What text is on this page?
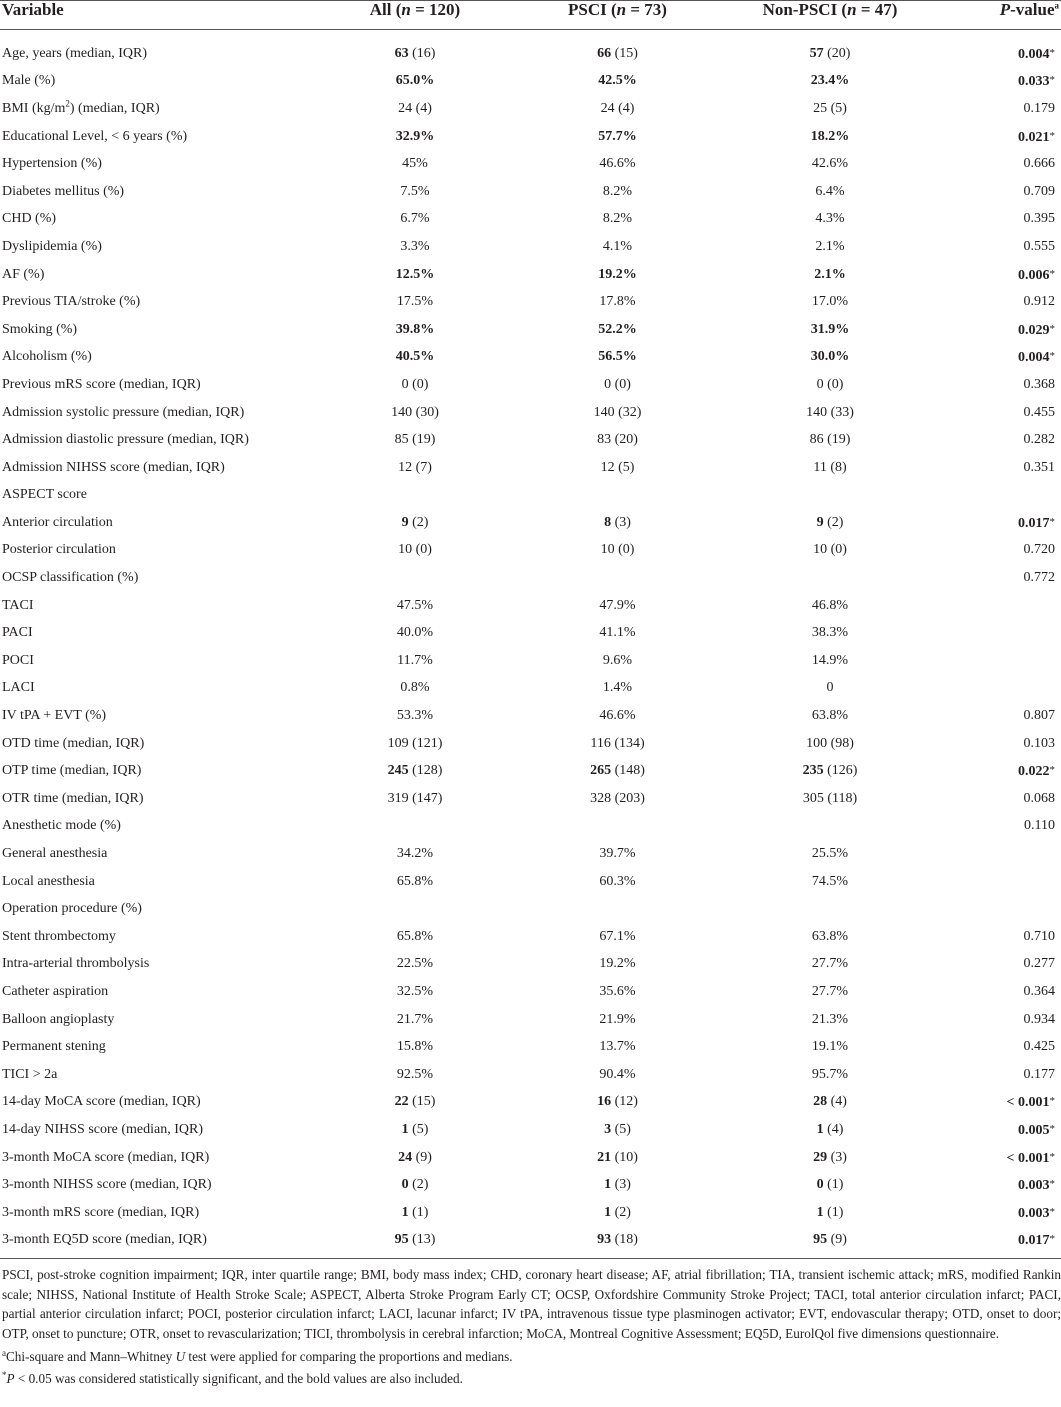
Variable	All (n = 120)	PSCI (n = 73)	Non-PSCI (n = 47)	P-value$^a$
Age, years (median, IQR)	63 (16)	66 (15)	57 (20)	0.004*
Male (%)	65.0%	42.5%	23.4%	0.033*
BMI $(kg/m^2)$ (median, IQR)	24 (4)	24 (4)	25 (5)	0.179
Educational Level, < 6 years (%)	32.9%	57.7%	18.2%	0.021*
Hypertension (%)	45%	46.6%	42.6%	0.666
Diabetes mellitus (%)	7.5%	8.2%	6.4%	0.709
CHD (%)	6.7%	8.2%	4.3%	0.395
Dyslipidemia (%)	3.3%	4.1%	2.1%	0.555
AF (%)	12.5%	19.2%	2.1%	0.006*
Previous TIA/stroke (%)	17.5%	17.8%	17.0%	0.912
Smoking (%)	39.8%	52.2%	31.9%	0.029*
Alcoholism (%)	40.5%	56.5%	30.0%	0.004*
Previous mRS score (median, IQR)	0 (0)	0 (0)	0 (0)	0.368
Admission systolic pressure (median, IQR)	140 (30)	140 (32)	140 (33)	0.455
Admission diastolic pressure (median, IQR)	85 (19)	83 (20)	86 (19)	0.282
Admission NIHSS score (median, IQR)	12 (7)	12 (5)	11 (8)	0.351
ASPECT score				
Anterior circulation	9 (2)	8 (3)	9 (2)	0.017*
Posterior circulation	10 (0)	10 (0)	10 (0)	0.720
OCSP classification (%)				0.772
TACI	47.5%	47.9%	46.8%	
PACI	40.0%	41.1%	38.3%	
POCI	11.7%	9.6%	14.9%	
LACI	0.8%	1.4%	0	
IV tPA + EVT (%)	53.3%	46.6%	63.8%	0.807
OTD time (median, IQR)	109 (121)	116 (134)	100 (98)	0.103
OTP time (median, IQR)	245 (128)	265 (148)	235 (126)	0.022*
OTR time (median, IQR)	319 (147)	328 (203)	305 (118)	0.068
Anesthetic mode (%)				0.110
General anesthesia	34.2%	39.7%	25.5%	
Local anesthesia	65.8%	60.3%	74.5%	
Operation procedure (%)				
Stent thrombectomy	65.8%	67.1%	63.8%	0.710
Intra-arterial thrombolysis	22.5%	19.2%	27.7%	0.277
Catheter aspiration	32.5%	35.6%	27.7%	0.364
Balloon angioplasty	21.7%	21.9%	21.3%	0.934
Permanent stening	15.8%	13.7%	19.1%	0.425
TICI > 2a	92.5%	90.4%	95.7%	0.177
14-day MoCA score (median, IQR)	22 (15)	16 (12)	28 (4)	< 0.001*
14-day NIHSS score (median, IQR)	1 (5)	3 (5)	1 (4)	0.005*
3-month MoCA score (median, IQR)	24 (9)	21 (10)	29 (3)	< 0.001*
3-month NIHSS score (median, IQR)	0 (2)	1 (3)	0 (1)	0.003*
3-month mRS score (median, IQR)	1 (1)	1 (2)	1 (1)	0.003*
3-month EQ5D score (median, IQR)	95 (13)	93 (18)	95 (9)	0.017*

PSCI, post-stroke cognition impairment; IQR, inter quartile range; BMI, body mass index; CHD, coronary heart disease; AF, atrial fibrillation; TIA, transient ischemic attack; mRS, modified Rankin scale; NIHSS, National Institute of Health Stroke Scale; ASPECT, Alberta Stroke Program Early CT; OCSP, Oxfordshire Community Stroke Project; TACI, total anterior circulation infarct; PACI, partial anterior circulation infarct; POCI, posterior circulation infarct; LACI, lacunar infarct; IV tPA, intravenous tissue type plasminogen activator; EVT, endovascular therapy; OTD, onset to door; OTP, onset to puncture; OTR, onset to revascularization; TICI, thrombolysis in cerebral infarction; MoCA, Montreal Cognitive Assessment; EQ5D, EurolQol five dimensions questionnaire.

$^a$Chi-square and Mann–Whitney U test were applied for comparing the proportions and medians.

*P < 0.05 was considered statistically significant, and the bold values are also included.
